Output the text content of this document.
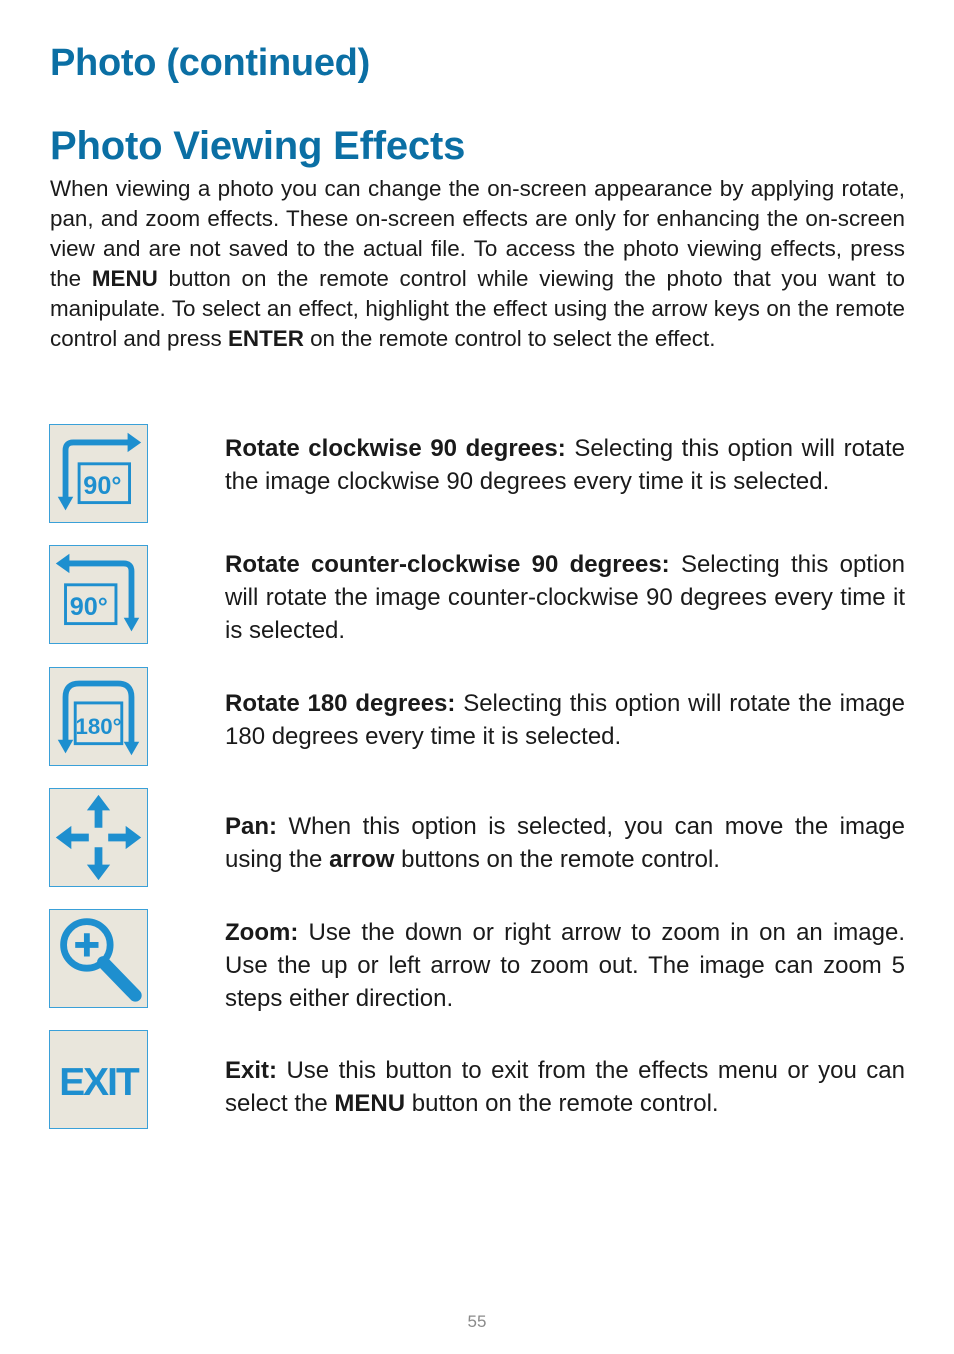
Photo (continued)
Photo Viewing Effects

When viewing a photo you can change the on-screen appearance by applying rotate, pan, and zoom effects. These on-screen effects are only for enhancing the on-screen view and are not saved to the actual file. To access the photo viewing effects, press the MENU button on the remote control while viewing the photo that you want to manipulate. To select an effect, highlight the effect using the arrow keys on the remote control and press ENTER on the remote control to select the effect.

90°

Rotate clockwise 90 degrees: Selecting this option will rotate the image clockwise 90 degrees every time it is selected.

90°

Rotate counter-clockwise 90 degrees: Selecting this option will rotate the image counter-clockwise 90 degrees every time it is selected.

180°

Rotate 180 degrees: Selecting this option will rotate the image 180 degrees every time it is selected.

Pan: When this option is selected, you can move the image using the arrow buttons on the remote control.

Zoom: Use the down or right arrow to zoom in on an image. Use the up or left arrow to zoom out. The image can zoom 5 steps either direction.

EXIT	Exit: Use this button to exit from the effects menu or you can select the MENU button on the remote control.

55
